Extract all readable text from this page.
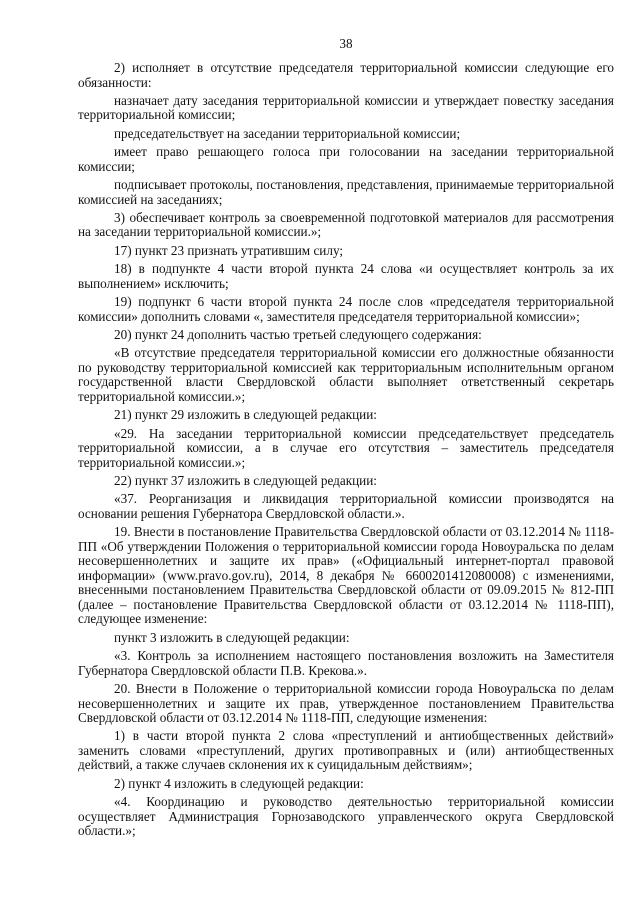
38

2) исполняет в отсутствие председателя территориальной комиссии следующие его обязанности:

назначает дату заседания территориальной комиссии и утверждает повестку заседания территориальной комиссии;

председательствует на заседании территориальной комиссии;

имеет право решающего голоса при голосовании на заседании территориальной комиссии;

подписывает протоколы, постановления, представления, принимаемые территориальной комиссией на заседаниях;

3) обеспечивает контроль за своевременной подготовкой материалов для рассмотрения на заседании территориальной комиссии.»;

17) пункт 23 признать утратившим силу;

18) в подпункте 4 части второй пункта 24 слова «и осуществляет контроль за их выполнением» исключить;

19) подпункт 6 части второй пункта 24 после слов «председателя территориальной комиссии» дополнить словами «, заместителя председателя территориальной комиссии»;

20) пункт 24 дополнить частью третьей следующего содержания:

«В отсутствие председателя территориальной комиссии его должностные обязанности по руководству территориальной комиссией как территориальным исполнительным органом государственной власти Свердловской области выполняет ответственный секретарь территориальной комиссии.»;

21) пункт 29 изложить в следующей редакции:

«29. На заседании территориальной комиссии председательствует председатель территориальной комиссии, а в случае его отсутствия – заместитель председателя территориальной комиссии.»;

22) пункт 37 изложить в следующей редакции:

«37. Реорганизация и ликвидация территориальной комиссии производятся на основании решения Губернатора Свердловской области.».

19. Внести в постановление Правительства Свердловской области от 03.12.2014 № 1118-ПП «Об утверждении Положения о территориальной комиссии города Новоуральска по делам несовершеннолетних и защите их прав» («Официальный интернет-портал правовой информации» (www.pravo.gov.ru), 2014, 8 декабря № 6600201412080008) с изменениями, внесенными постановлением Правительства Свердловской области от 09.09.2015 № 812-ПП (далее – постановление Правительства Свердловской области от 03.12.2014 № 1118-ПП), следующее изменение:

пункт 3 изложить в следующей редакции:

«3. Контроль за исполнением настоящего постановления возложить на Заместителя Губернатора Свердловской области П.В. Крекова.».

20. Внести в Положение о территориальной комиссии города Новоуральска по делам несовершеннолетних и защите их прав, утвержденное постановлением Правительства Свердловской области от 03.12.2014 № 1118-ПП, следующие изменения:

1) в части второй пункта 2 слова «преступлений и антиобщественных действий» заменить словами «преступлений, других противоправных и (или) антиобщественных действий, а также случаев склонения их к суицидальным действиям»;

2) пункт 4 изложить в следующей редакции:

«4. Координацию и руководство деятельностью территориальной комиссии осуществляет Администрация Горнозаводского управленческого округа Свердловской области.»;
